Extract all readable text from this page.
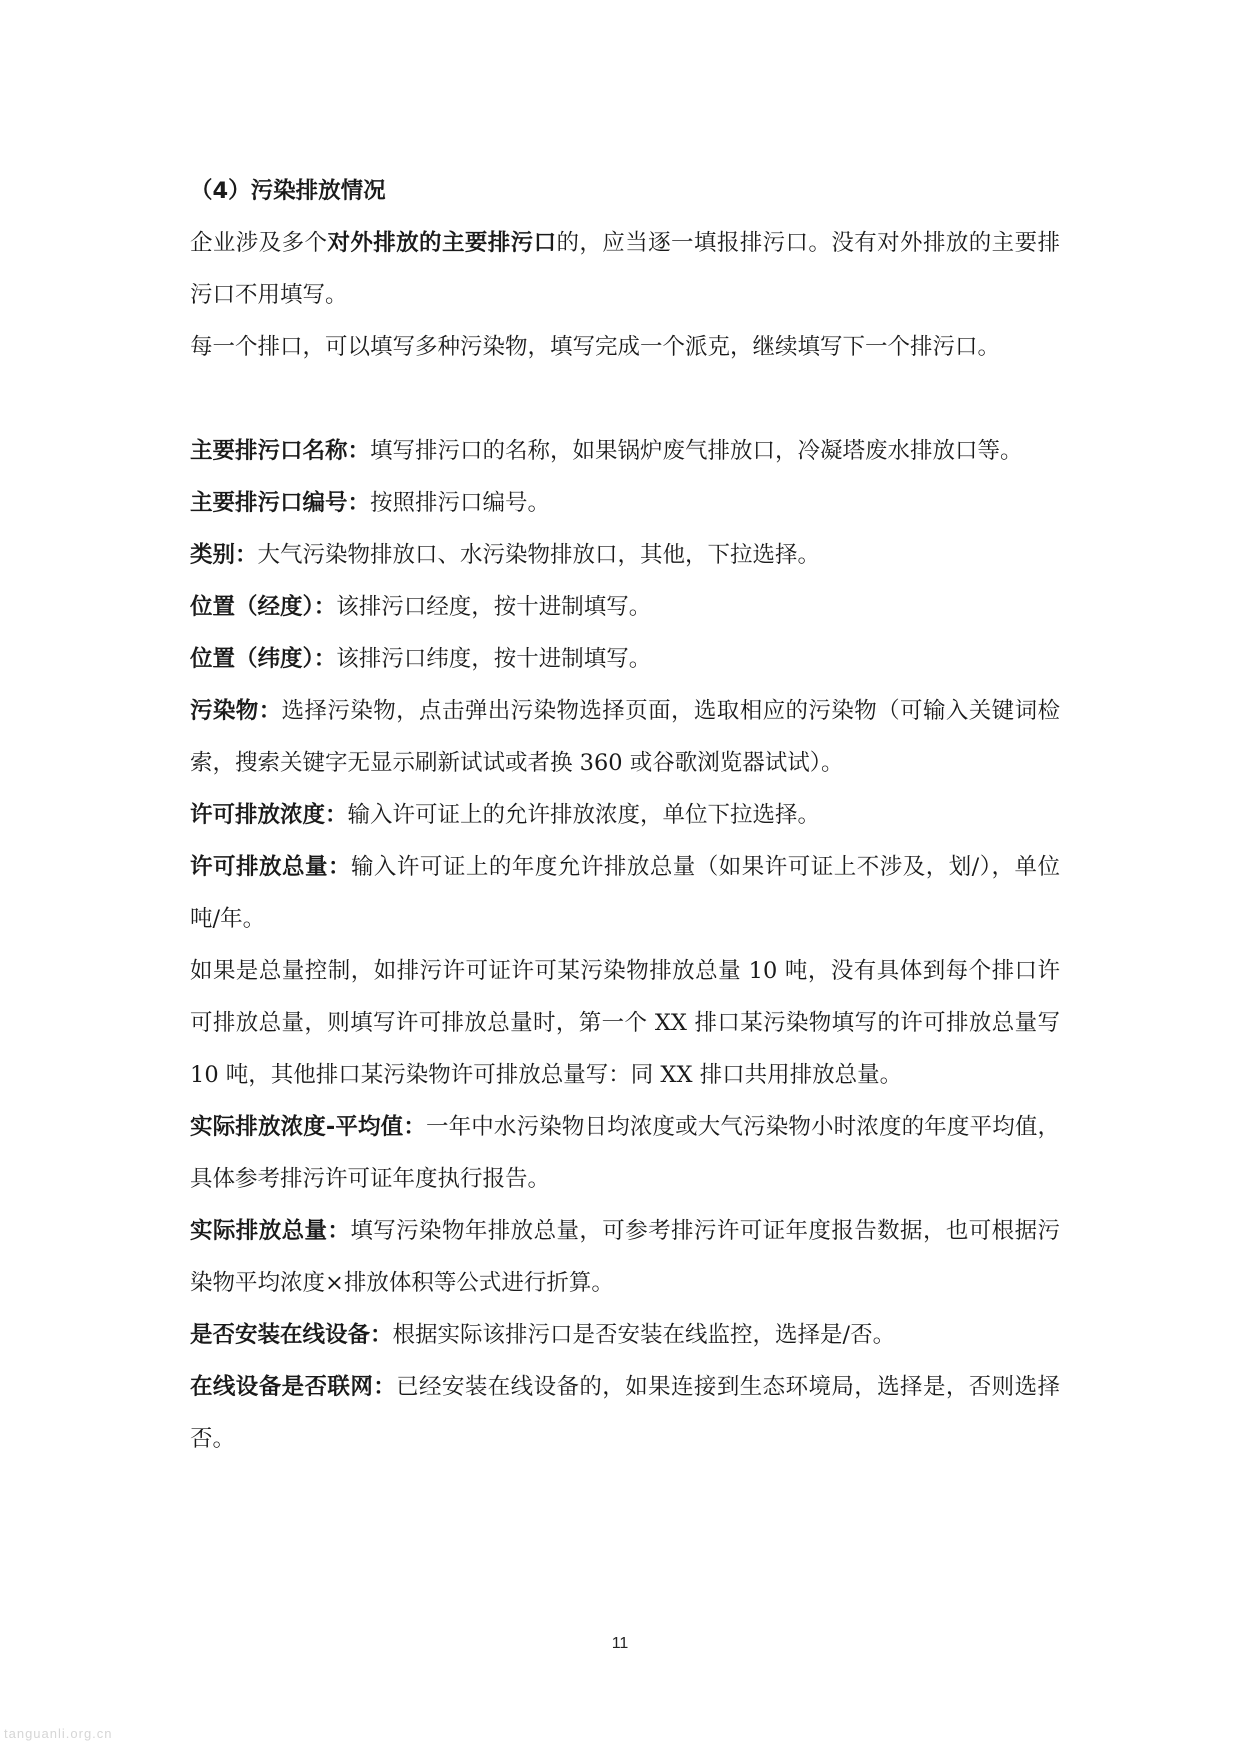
（4）污染排放情况

企业涉及多个对外排放的主要排污口的，应当逐一填报排污口。没有对外排放的主要排污口不用填写。

每一个排口，可以填写多种污染物，填写完成一个派克，继续填写下一个排污口。

主要排污口名称：填写排污口的名称，如果锅炉废气排放口，冷凝塔废水排放口等。

主要排污口编号：按照排污口编号。

类别：大气污染物排放口、水污染物排放口，其他，下拉选择。

位置（经度）：该排污口经度，按十进制填写。

位置（纬度）：该排污口纬度，按十进制填写。

污染物：选择污染物，点击弹出污染物选择页面，选取相应的污染物（可输入关键词检索，搜索关键字无显示刷新试试或者换 360 或谷歌浏览器试试）。

许可排放浓度：输入许可证上的允许排放浓度，单位下拉选择。

许可排放总量：输入许可证上的年度允许排放总量（如果许可证上不涉及，划/），单位吨/年。

如果是总量控制，如排污许可证许可某污染物排放总量 10 吨，没有具体到每个排口许可排放总量，则填写许可排放总量时，第一个 XX 排口某污染物填写的许可排放总量写 10 吨，其他排口某污染物许可排放总量写：同 XX 排口共用排放总量。

实际排放浓度-平均值：一年中水污染物日均浓度或大气污染物小时浓度的年度平均值，具体参考排污许可证年度执行报告。

实际排放总量：填写污染物年排放总量，可参考排污许可证年度报告数据，也可根据污染物平均浓度×排放体积等公式进行折算。

是否安装在线设备：根据实际该排污口是否安装在线监控，选择是/否。

在线设备是否联网：已经安装在线设备的，如果连接到生态环境局，选择是，否则选择否。

11
tanguanli.org.cn
